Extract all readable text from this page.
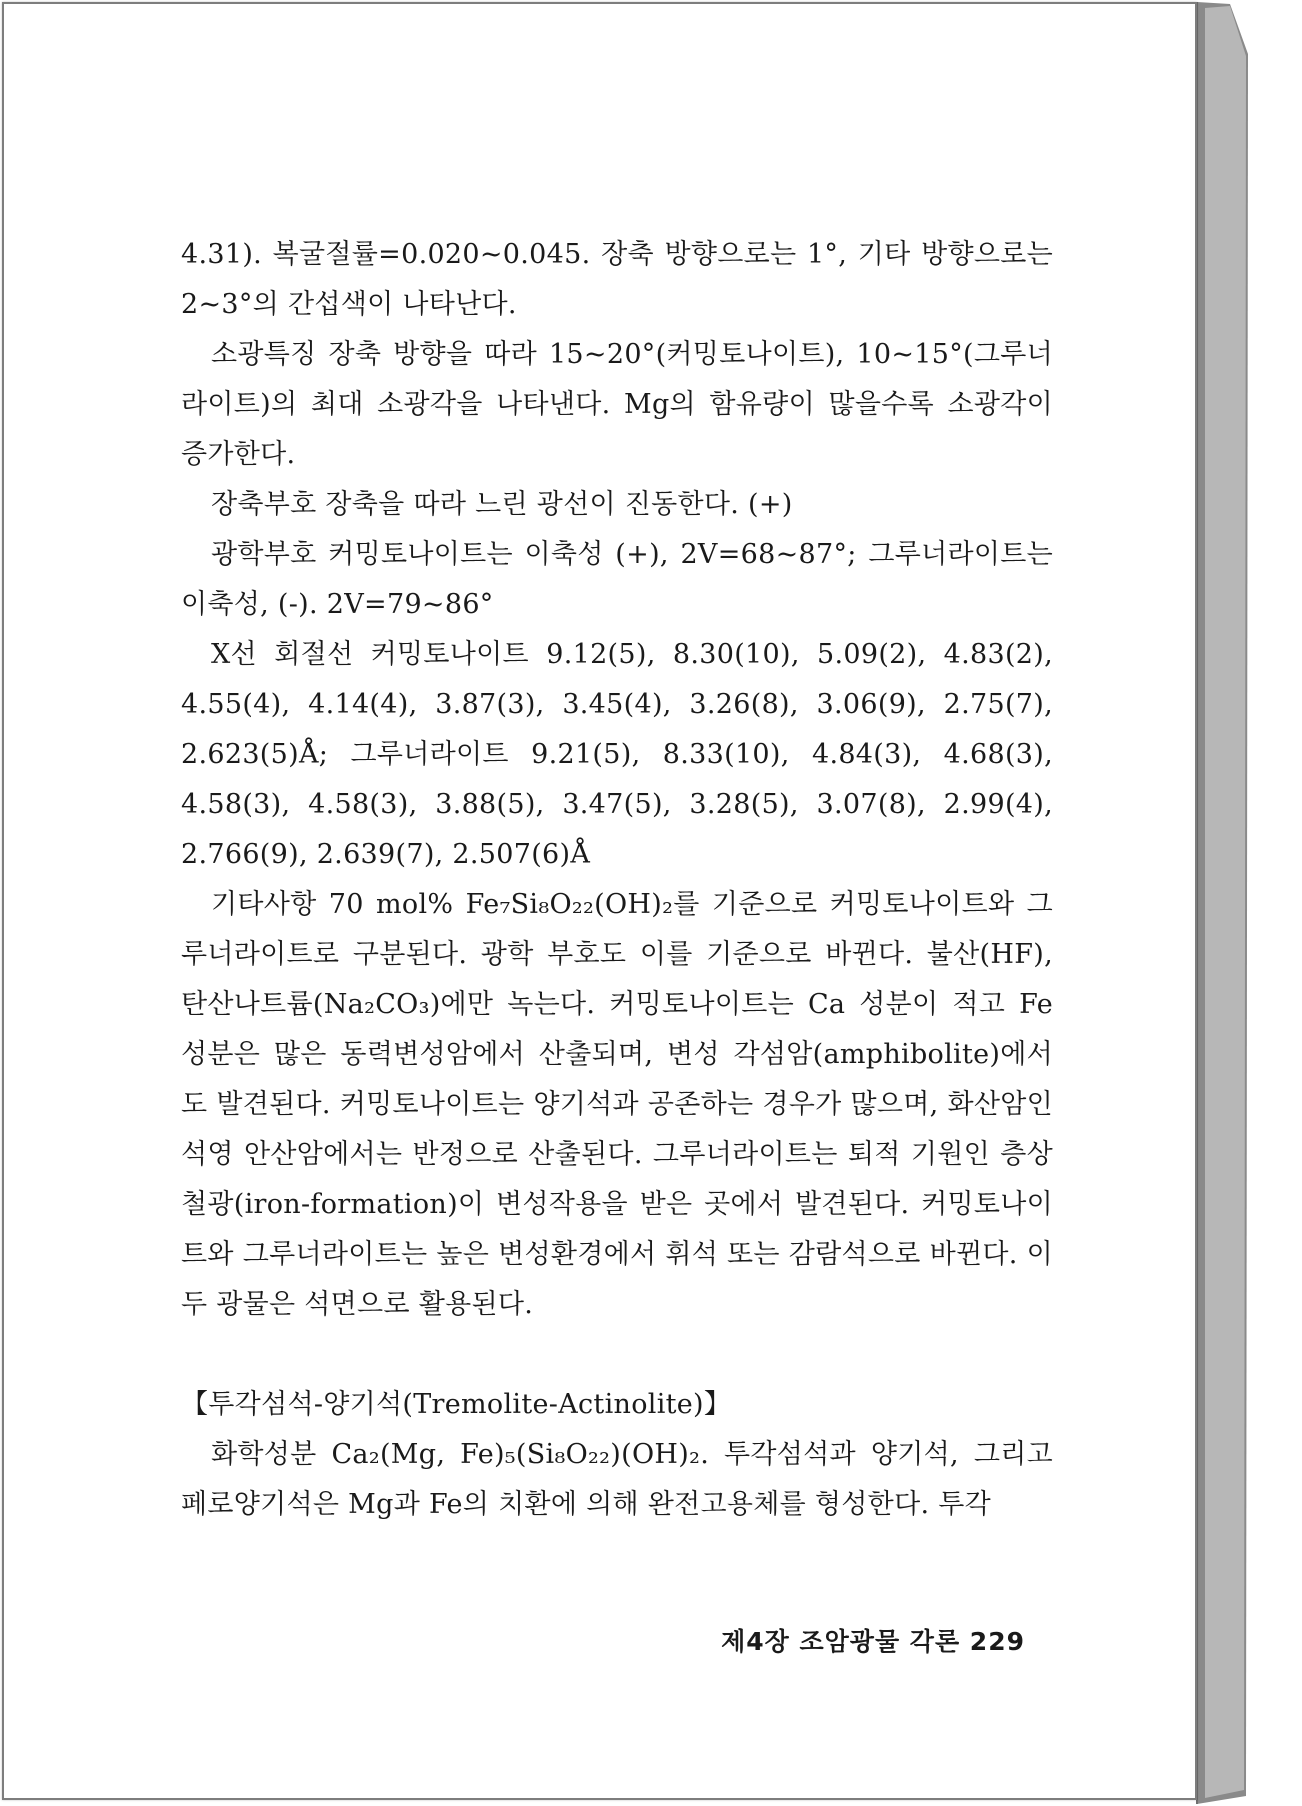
4.31). 복굴절률=0.020~0.045. 장축 방향으로는 1°, 기타 방향으로는 2~3°의 간섭색이 나타난다.

소광특징 장축 방향을 따라 15~20°(커밍토나이트), 10~15°(그루너라이트)의 최대 소광각을 나타낸다. Mg의 함유량이 많을수록 소광각이 증가한다.

장축부호 장축을 따라 느린 광선이 진동한다. (+)

광학부호 커밍토나이트는 이축성 (+), 2V=68~87°; 그루너라이트는 이축성, (-). 2V=79~86°

X선 회절선 커밍토나이트 9.12(5), 8.30(10), 5.09(2), 4.83(2), 4.55(4), 4.14(4), 3.87(3), 3.45(4), 3.26(8), 3.06(9), 2.75(7), 2.623(5)Å; 그루너라이트 9.21(5), 8.33(10), 4.84(3), 4.68(3), 4.58(3), 4.58(3), 3.88(5), 3.47(5), 3.28(5), 3.07(8), 2.99(4), 2.766(9), 2.639(7), 2.507(6)Å

기타사항 70 mol% Fe₇Si₈O₂₂(OH)₂를 기준으로 커밍토나이트와 그루너라이트로 구분된다. 광학 부호도 이를 기준으로 바뀐다. 불산(HF), 탄산나트륨(Na₂CO₃)에만 녹는다. 커밍토나이트는 Ca 성분이 적고 Fe 성분은 많은 동력변성암에서 산출되며, 변성 각섬암(amphibolite)에서도 발견된다. 커밍토나이트는 양기석과 공존하는 경우가 많으며, 화산암인 석영 안산암에서는 반정으로 산출된다. 그루너라이트는 퇴적 기원인 층상철광(iron-formation)이 변성작용을 받은 곳에서 발견된다. 커밍토나이트와 그루너라이트는 높은 변성환경에서 휘석 또는 감람석으로 바뀐다. 이 두 광물은 석면으로 활용된다.

【투각섬석-양기석(Tremolite-Actinolite)】

화학성분 Ca₂(Mg, Fe)₅(Si₈O₂₂)(OH)₂. 투각섬석과 양기석, 그리고 페로양기석은 Mg과 Fe의 치환에 의해 완전고용체를 형성한다. 투각

제4장 조암광물 각론 229
